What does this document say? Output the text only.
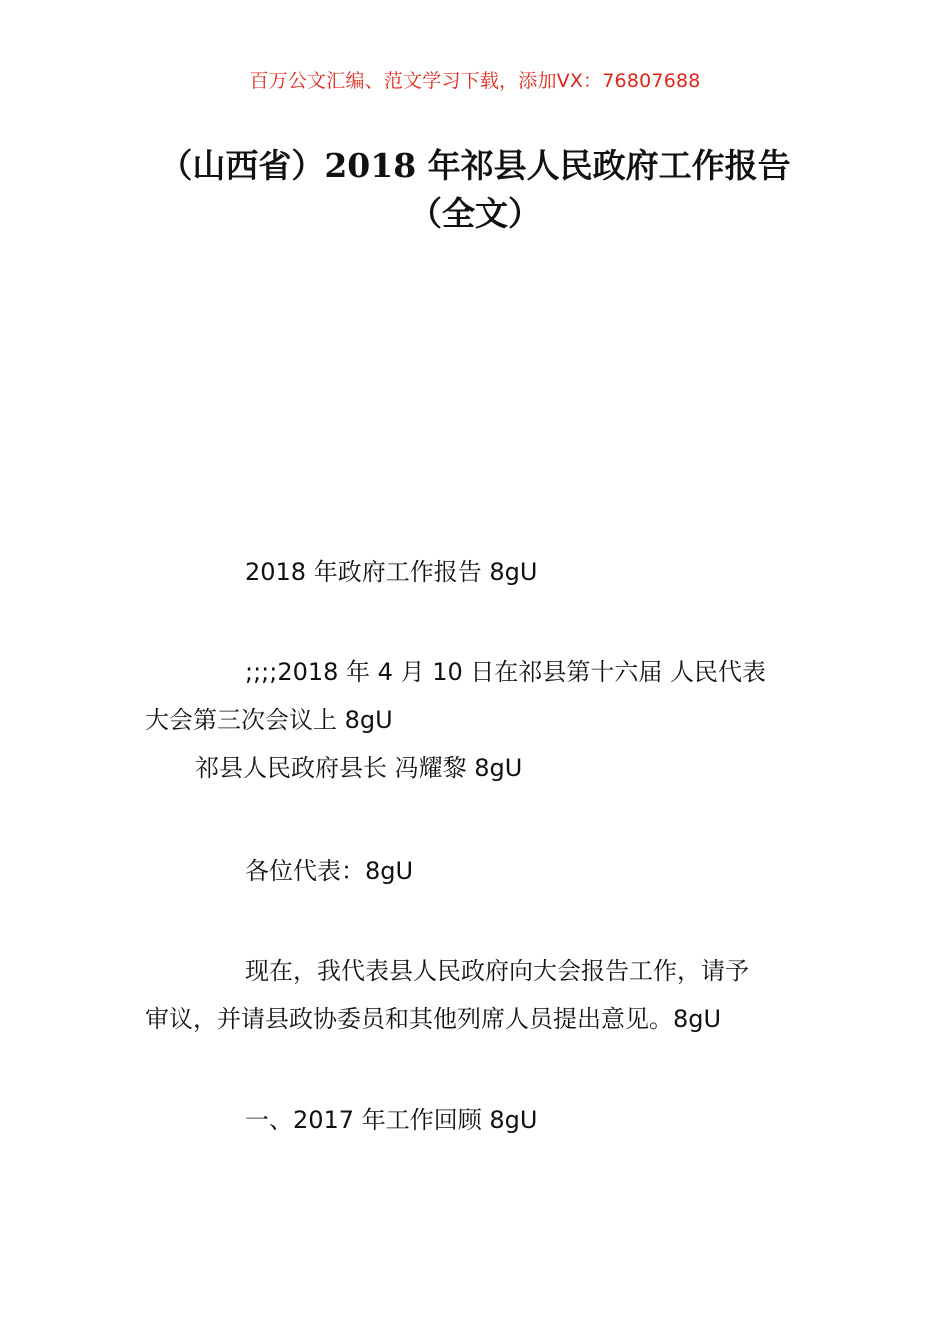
百万公文汇编、范文学习下载，添加VX：76807688
（山西省）2018 年祁县人民政府工作报告
（全文）
2018 年政府工作报告 8gU
;;;;2018 年 4 月 10 日在祁县第十六届 人民代表
大会第三次会议上 8gU
祁县人民政府县长 冯耀黎 8gU
各位代表：8gU
现在，我代表县人民政府向大会报告工作，请予
审议，并请县政协委员和其他列席人员提出意见。8gU
一、2017 年工作回顾 8gU
